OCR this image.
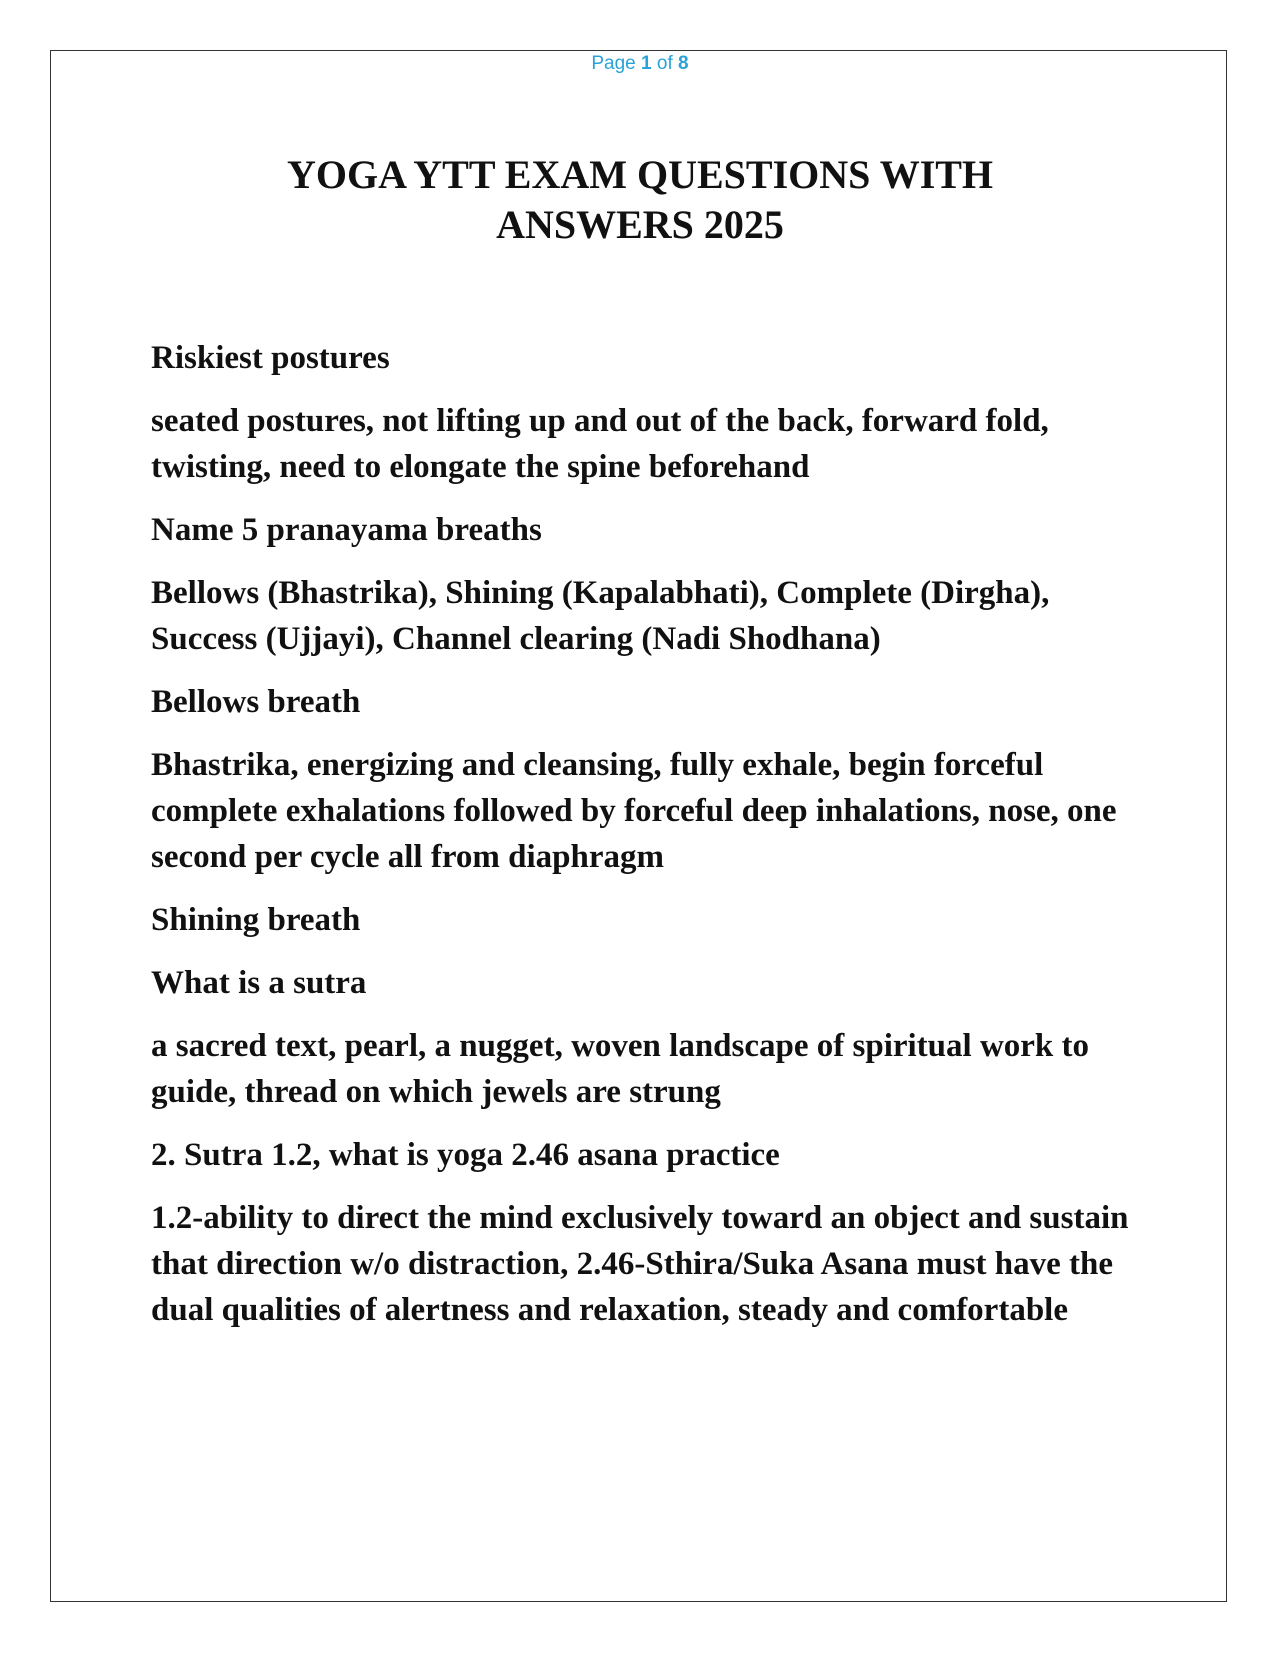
Page 1 of 8
YOGA YTT EXAM QUESTIONS WITH
ANSWERS 2025

Riskiest postures

seated postures, not lifting up and out of the back, forward fold, twisting, need to elongate the spine beforehand

Name 5 pranayama breaths

Bellows (Bhastrika), Shining (Kapalabhati), Complete (Dirgha), Success (Ujjayi), Channel clearing (Nadi Shodhana)

Bellows breath

Bhastrika, energizing and cleansing, fully exhale, begin forceful complete exhalations followed by forceful deep inhalations, nose, one second per cycle all from diaphragm

Shining breath

What is a sutra

a sacred text, pearl, a nugget, woven landscape of spiritual work to guide, thread on which jewels are strung

2. Sutra 1.2, what is yoga 2.46 asana practice

1.2-ability to direct the mind exclusively toward an object and sustain that direction w/o distraction, 2.46-Sthira/Suka Asana must have the dual qualities of alertness and relaxation, steady and comfortable
